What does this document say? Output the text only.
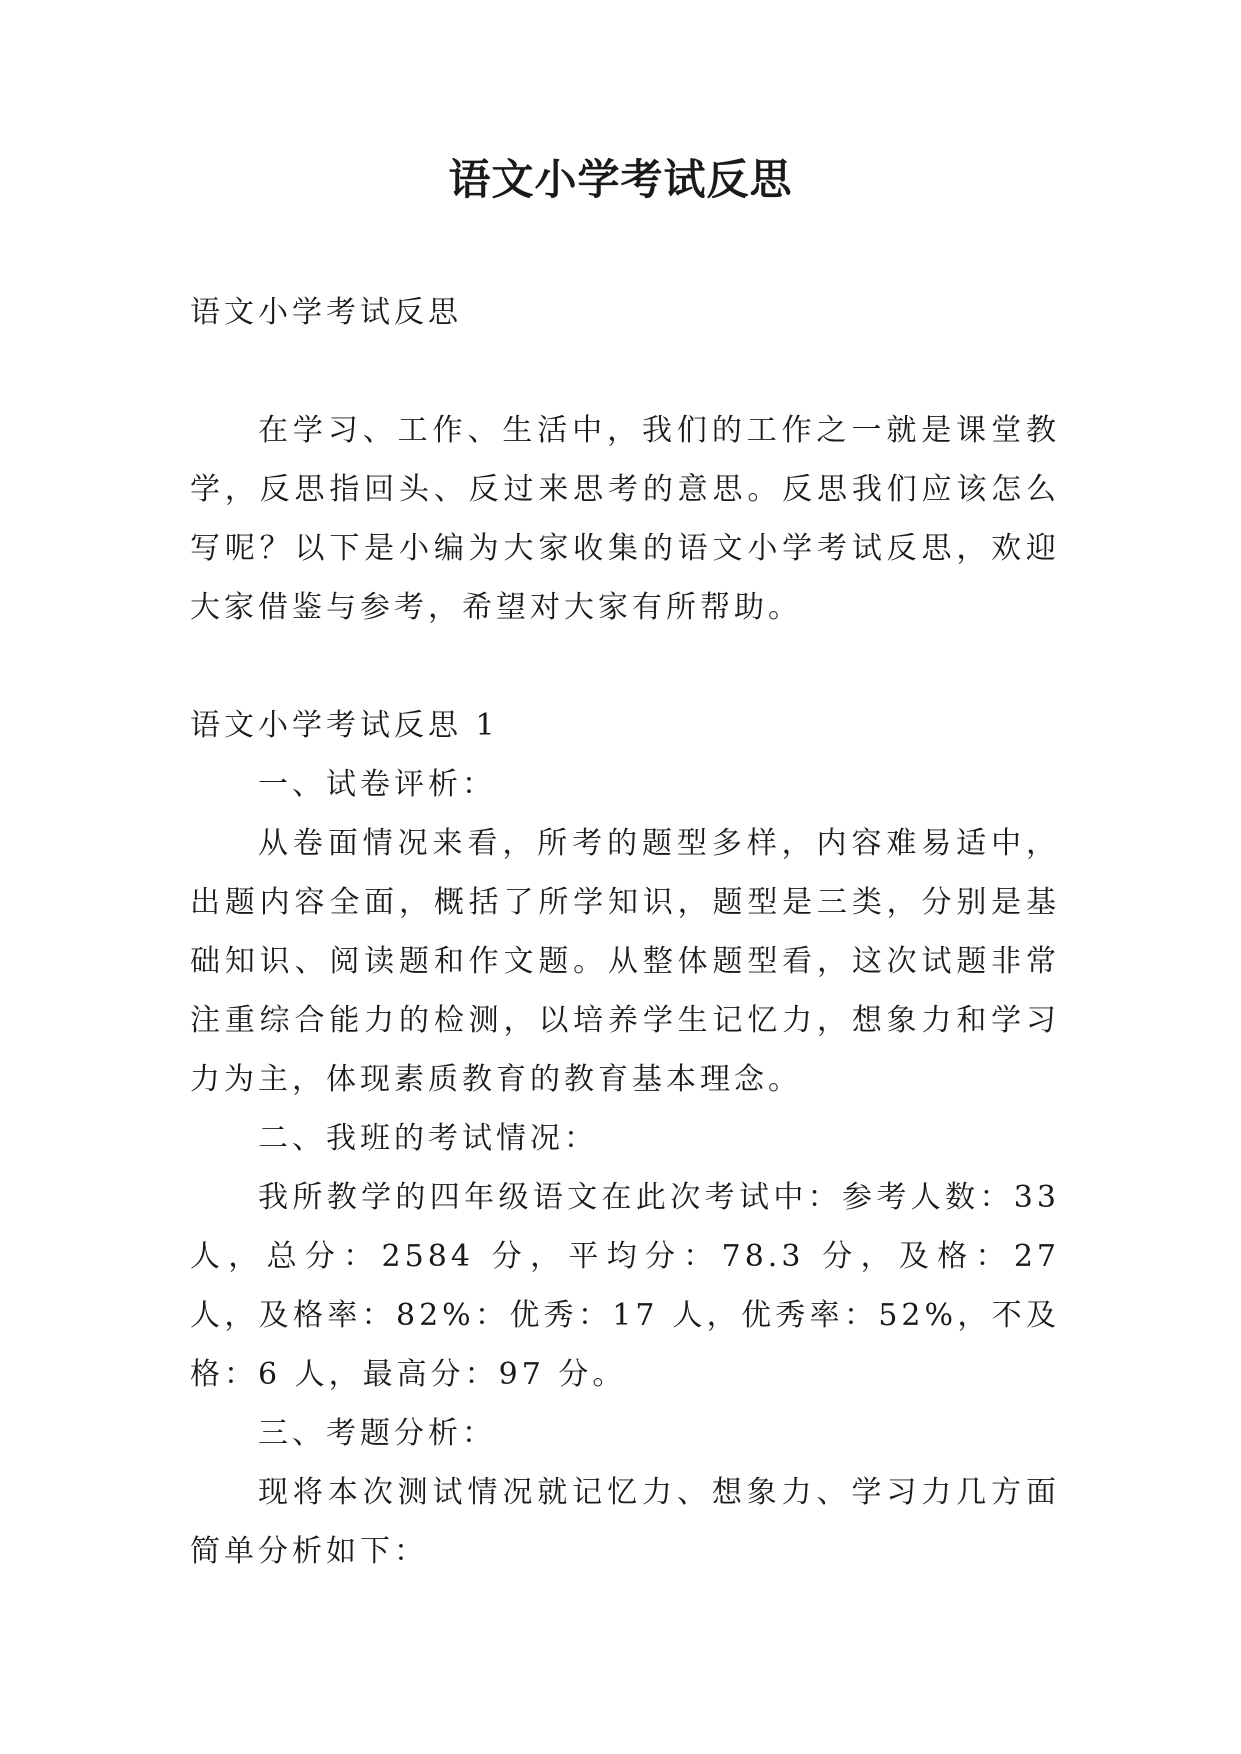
语文小学考试反思

语文小学考试反思

在学习、工作、生活中，我们的工作之一就是课堂教学，反思指回头、反过来思考的意思。反思我们应该怎么写呢？以下是小编为大家收集的语文小学考试反思，欢迎大家借鉴与参考，希望对大家有所帮助。

语文小学考试反思 1

一、试卷评析：

从卷面情况来看，所考的题型多样，内容难易适中，出题内容全面，概括了所学知识，题型是三类，分别是基础知识、阅读题和作文题。从整体题型看，这次试题非常注重综合能力的检测，以培养学生记忆力，想象力和学习力为主，体现素质教育的教育基本理念。

二、我班的考试情况：

我所教学的四年级语文在此次考试中：参考人数：33 人，总分：2584 分，平均分：78.3 分，及格：27 人，及格率：82%：优秀：17 人，优秀率：52%，不及格：6 人，最高分：97 分。

三、考题分析：

现将本次测试情况就记忆力、想象力、学习力几方面简单分析如下：
